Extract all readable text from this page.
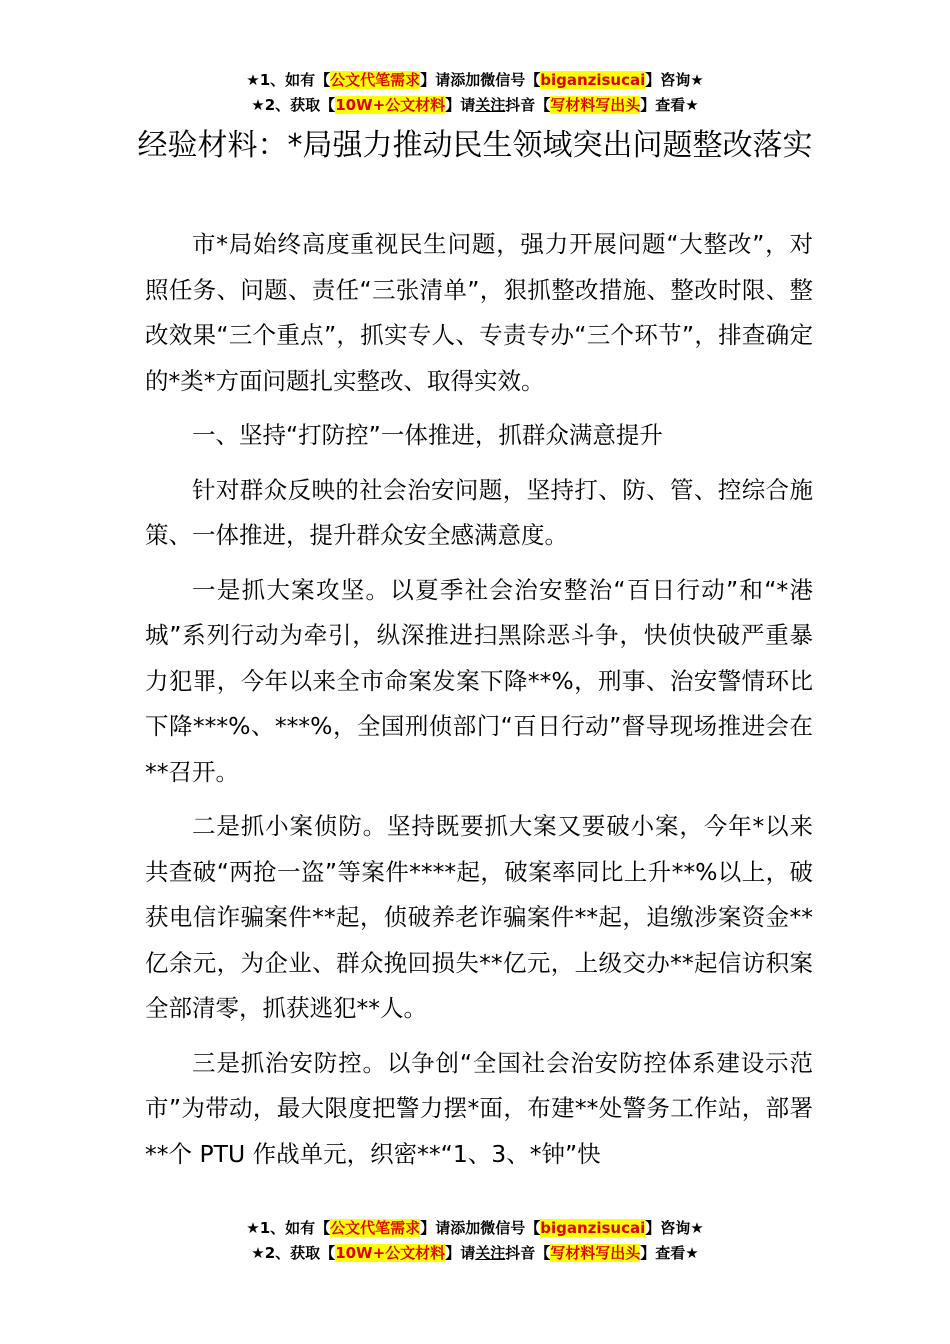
★1、如有【公文代笔需求】请添加微信号【biganzisucai】咨询★
★2、获取【10W+公文材料】请关注抖音【写材料写出头】查看★
经验材料：*局强力推动民生领域突出问题整改落实

市*局始终高度重视民生问题，强力开展问题“大整改”，对照任务、问题、责任“三张清单”，狠抓整改措施、整改时限、整改效果“三个重点”，抓实专人、专责专办“三个环节”，排查确定的*类*方面问题扎实整改、取得实效。

一、坚持“打防控”一体推进，抓群众满意提升

针对群众反映的社会治安问题，坚持打、防、管、控综合施策、一体推进，提升群众安全感满意度。

一是抓大案攻坚。以夏季社会治安整治“百日行动”和“*港城”系列行动为牵引，纵深推进扫黑除恶斗争，快侦快破严重暴力犯罪，今年以来全市命案发案下降**%，刑事、治安警情环比下降***%、***%，全国刑侦部门“百日行动”督导现场推进会在**召开。

二是抓小案侦防。坚持既要抓大案又要破小案，今年*以来共查破“两抢一盗”等案件****起，破案率同比上升**%以上，破获电信诈骗案件**起，侦破养老诈骗案件**起，追缴涉案资金**亿余元，为企业、群众挽回损失**亿元，上级交办**起信访积案全部清零，抓获逃犯**人。

三是抓治安防控。以争创“全国社会治安防控体系建设示范市”为带动，最大限度把警力摆*面，布建**处警务工作站，部署**个 PTU 作战单元，织密**“1、3、*钟”快

★1、如有【公文代笔需求】请添加微信号【biganzisucai】咨询★
★2、获取【10W+公文材料】请关注抖音【写材料写出头】查看★
